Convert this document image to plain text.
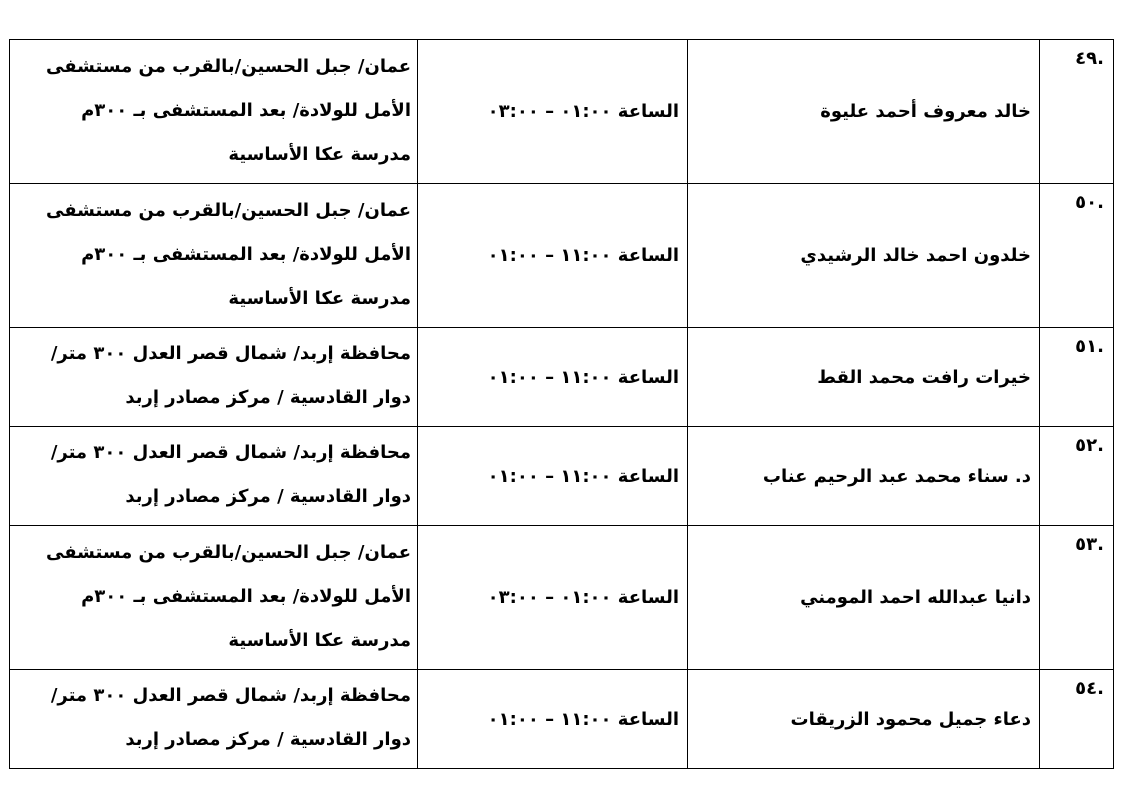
.٤٩	خالد معروف أحمد عليوة	الساعة ٠١:٠٠ – ٠٣:٠٠	عمان/ جبل الحسين/بالقرب من مستشفى الأمل للولادة/ بعد المستشفى بـ ٣٠٠م مدرسة عكا الأساسية
.٥٠	خلدون احمد خالد الرشيدي	الساعة ١١:٠٠ – ٠١:٠٠	عمان/ جبل الحسين/بالقرب من مستشفى الأمل للولادة/ بعد المستشفى بـ ٣٠٠م مدرسة عكا الأساسية
.٥١	خيرات رافت محمد القط	الساعة ١١:٠٠ – ٠١:٠٠	محافظة إربد/ شمال قصر العدل ٣٠٠ متر/ دوار القادسية / مركز مصادر إربد
.٥٢	د. سناء محمد عبد الرحيم عناب	الساعة ١١:٠٠ – ٠١:٠٠	محافظة إربد/ شمال قصر العدل ٣٠٠ متر/ دوار القادسية / مركز مصادر إربد
.٥٣	دانيا عبدالله احمد المومني	الساعة ٠١:٠٠ – ٠٣:٠٠	عمان/ جبل الحسين/بالقرب من مستشفى الأمل للولادة/ بعد المستشفى بـ ٣٠٠م مدرسة عكا الأساسية
.٥٤	دعاء جميل محمود الزريقات	الساعة ١١:٠٠ – ٠١:٠٠	محافظة إربد/ شمال قصر العدل ٣٠٠ متر/ دوار القادسية / مركز مصادر إربد
